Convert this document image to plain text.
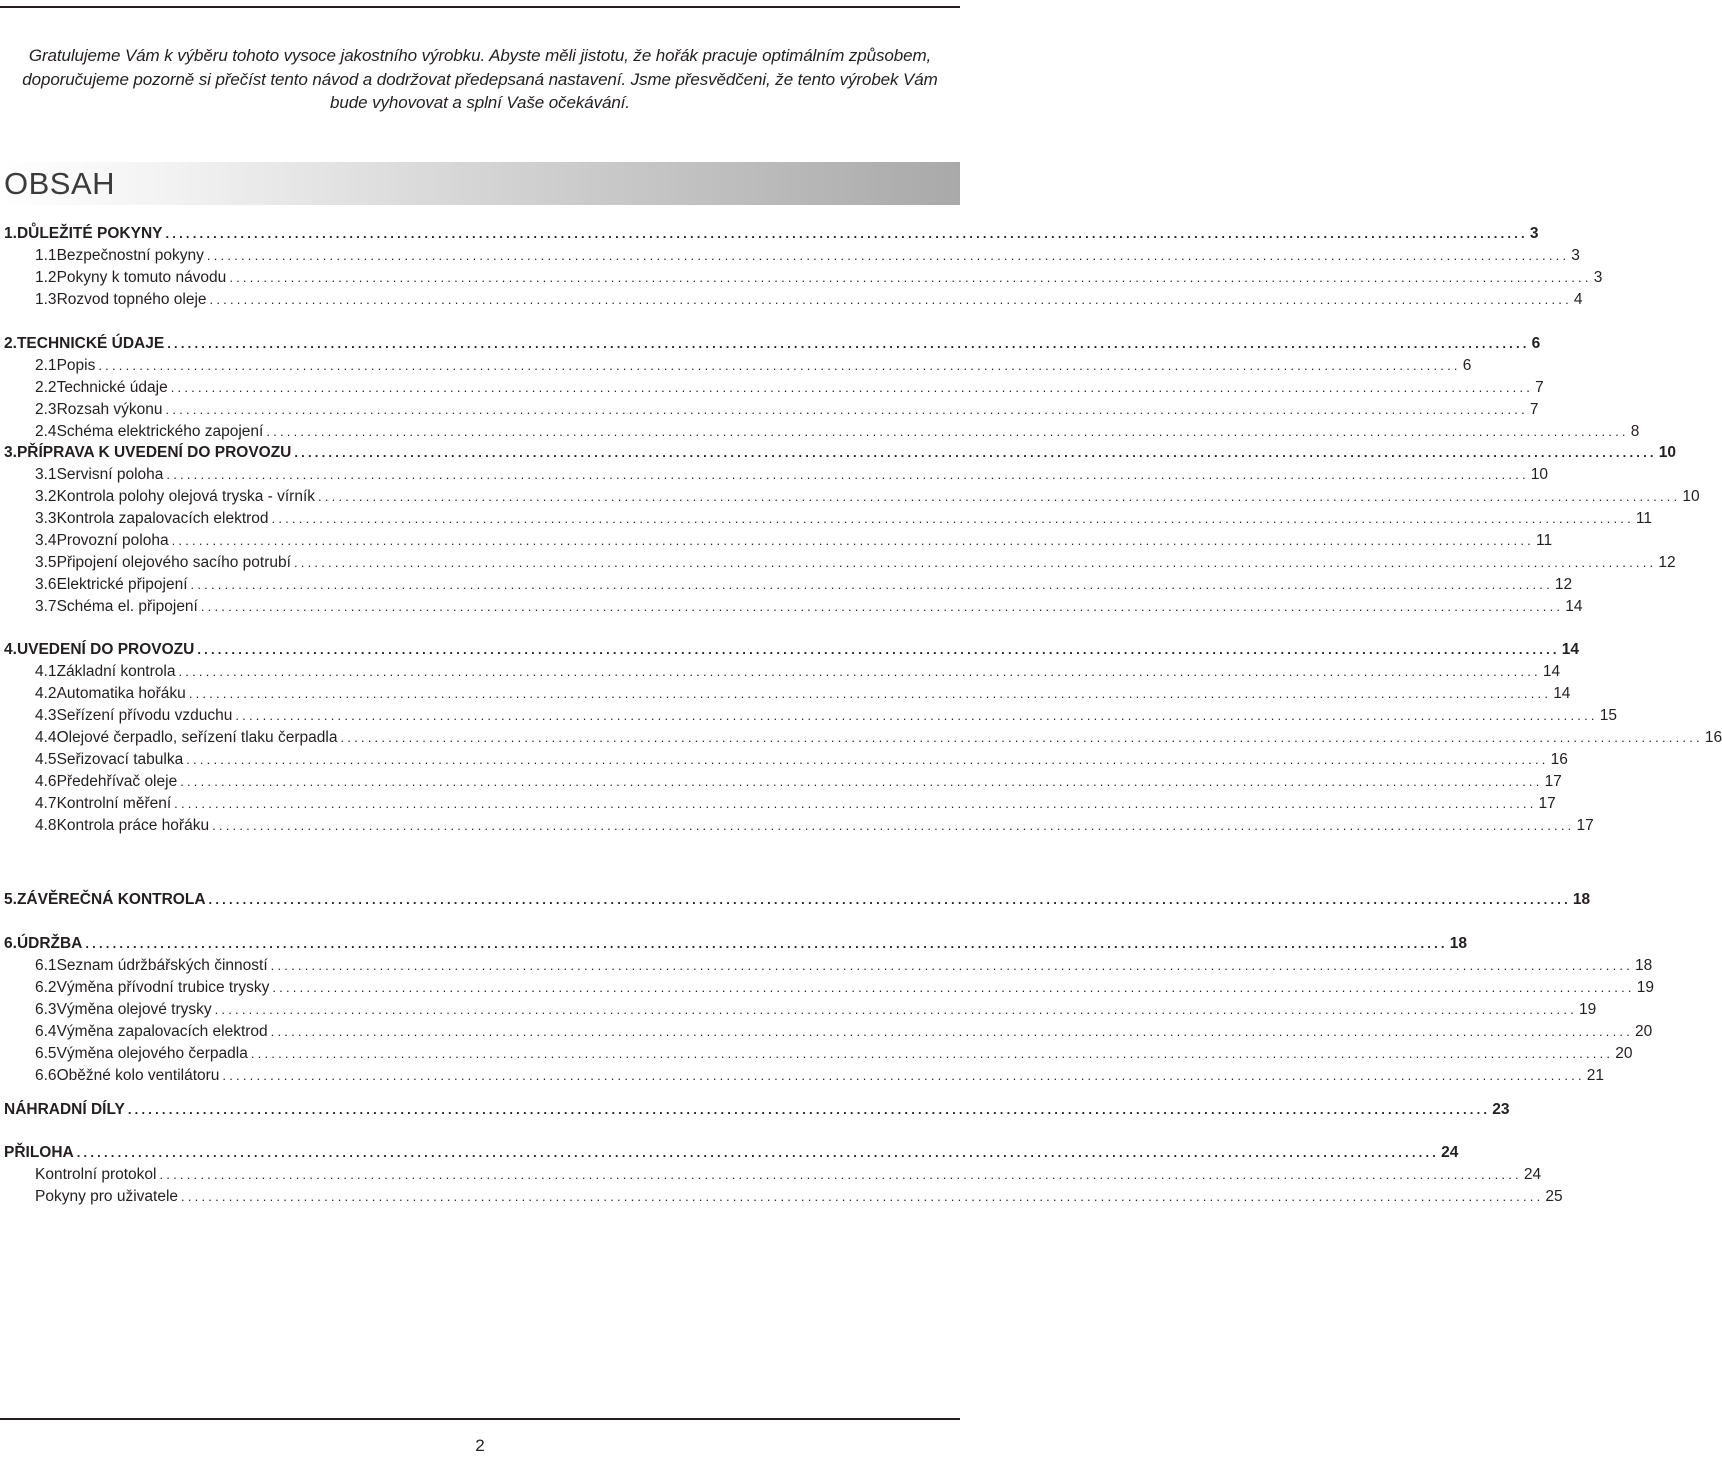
Gratulujeme Vám k výběru tohoto vysoce jakostního výrobku. Abyste měli jistotu, že hořák pracuje optimálním způsobem,
doporučujeme pozorně si přečíst tento návod a dodržovat předepsaná nastavení. Jsme přesvědčeni, že tento výrobek Vám
bude vyhovovat a splní Vaše očekávání.
OBSAH
1. DŮLEŽITÉ POKYNY ........................................................................................................................................................................................................ 3
1.1 Bezpečnostní pokyny ........................................................................................................................................................................................................ 3
1.2 Pokyny k tomuto návodu ........................................................................................................................................................................................................ 3
1.3 Rozvod topného oleje ........................................................................................................................................................................................................ 4
2. TECHNICKÉ ÚDAJE ........................................................................................................................................................................................................ 6
2.1 Popis ........................................................................................................................................................................................................ 6
2.2 Technické údaje ........................................................................................................................................................................................................ 7
2.3 Rozsah výkonu ........................................................................................................................................................................................................ 7
2.4 Schéma elektrického zapojení ........................................................................................................................................................................................................ 8
3. PŘÍPRAVA K UVEDENÍ DO PROVOZU ........................................................................................................................................................................................................ 10
3.1 Servisní poloha ........................................................................................................................................................................................................ 10
3.2 Kontrola polohy olejová tryska - vírník ........................................................................................................................................................................................................ 10
3.3 Kontrola zapalovacích elektrod ........................................................................................................................................................................................................ 11
3.4 Provozní poloha ........................................................................................................................................................................................................ 11
3.5 Připojení olejového sacího potrubí ........................................................................................................................................................................................................ 12
3.6 Elektrické připojení ........................................................................................................................................................................................................ 12
3.7 Schéma el. připojení ........................................................................................................................................................................................................ 14
4. UVEDENÍ DO PROVOZU ........................................................................................................................................................................................................ 14
4.1 Základní kontrola ........................................................................................................................................................................................................ 14
4.2 Automatika hořáku ........................................................................................................................................................................................................ 14
4.3 Seřízení přívodu vzduchu ........................................................................................................................................................................................................ 15
4.4 Olejové čerpadlo, seřízení tlaku čerpadla ........................................................................................................................................................................................................ 16
4.5 Seřizovací tabulka ........................................................................................................................................................................................................ 16
4.6 Předehřívač oleje ........................................................................................................................................................................................................ 17
4.7 Kontrolní měření ........................................................................................................................................................................................................ 17
4.8 Kontrola práce hořáku ........................................................................................................................................................................................................ 17
5. ZÁVĚREČNÁ KONTROLA ........................................................................................................................................................................................................ 18
6. ÚDRŽBA ........................................................................................................................................................................................................ 18
6.1 Seznam údržbářských činností ........................................................................................................................................................................................................ 18
6.2 Výměna přívodní trubice trysky ........................................................................................................................................................................................................ 19
6.3 Výměna olejové trysky ........................................................................................................................................................................................................ 19
6.4 Výměna zapalovacích elektrod ........................................................................................................................................................................................................ 20
6.5 Výměna olejového čerpadla ........................................................................................................................................................................................................ 20
6.6 Oběžné kolo ventilátoru ........................................................................................................................................................................................................ 21
NÁHRADNÍ DÍLY ........................................................................................................................................................................................................ 23
PŘILOHA ........................................................................................................................................................................................................ 24
Kontrolní protokol ........................................................................................................................................................................................................ 24
Pokyny pro uživatele ........................................................................................................................................................................................................ 25
2
